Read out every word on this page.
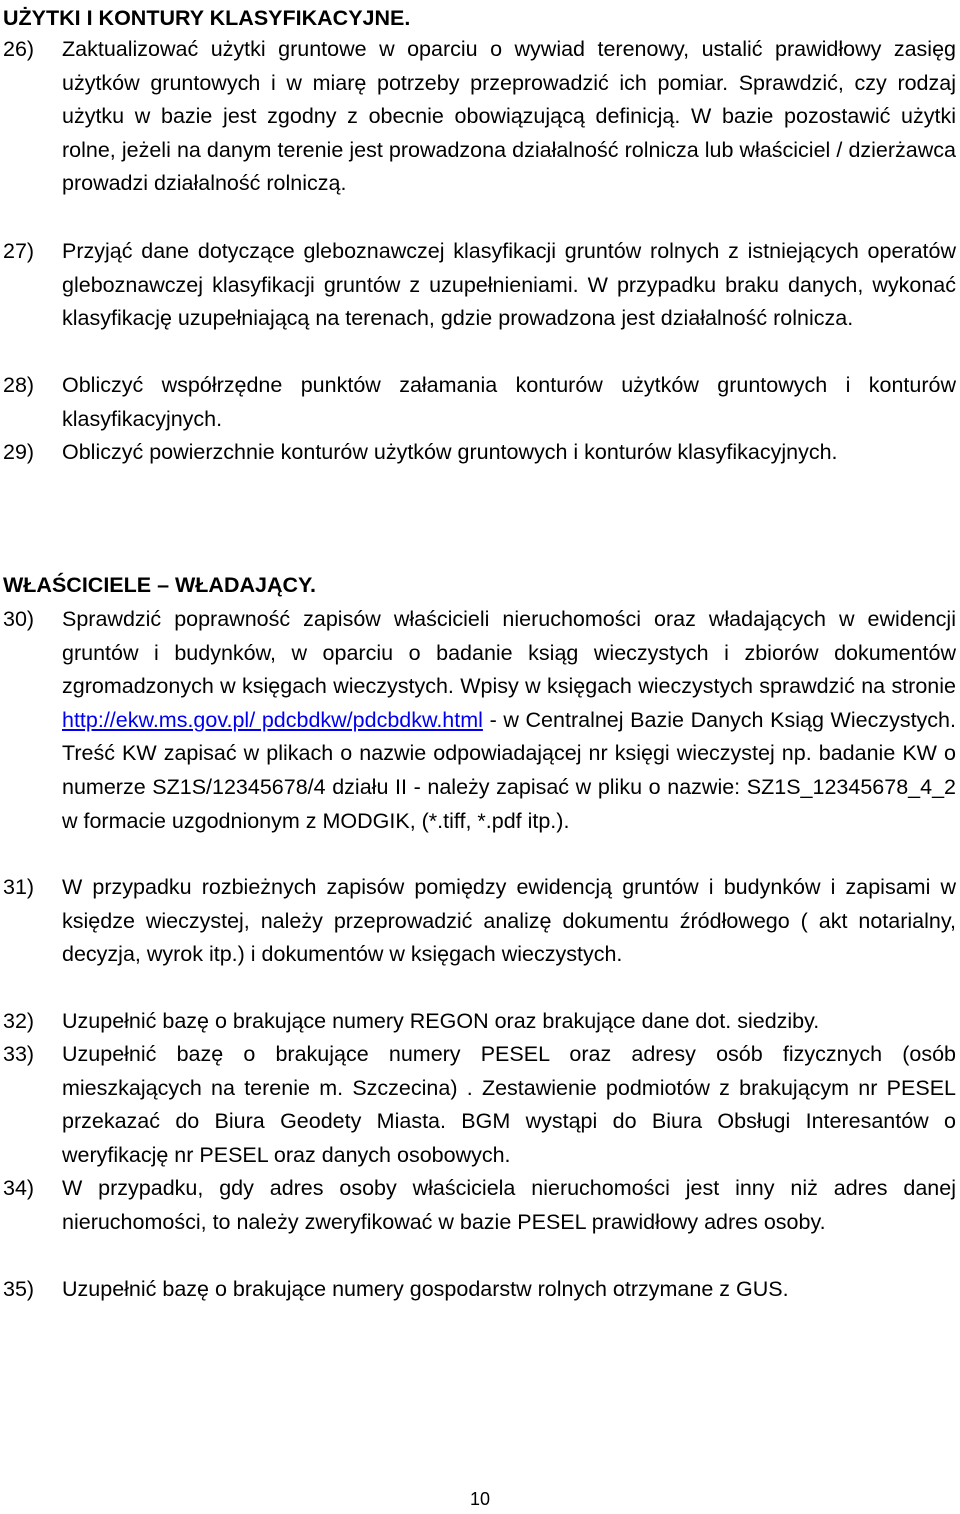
UŻYTKI I KONTURY KLASYFIKACYJNE.
26)	Zaktualizować użytki gruntowe w oparciu o wywiad terenowy, ustalić prawidłowy zasięg użytków gruntowych i w miarę potrzeby przeprowadzić ich pomiar. Sprawdzić, czy rodzaj użytku w bazie jest zgodny z obecnie obowiązującą definicją. W bazie pozostawić użytki rolne, jeżeli na danym terenie jest prowadzona działalność rolnicza lub właściciel / dzierżawca prowadzi działalność rolniczą.
27)	Przyjąć dane dotyczące gleboznawczej klasyfikacji gruntów rolnych z istniejących operatów gleboznawczej klasyfikacji gruntów z uzupełnieniami. W przypadku braku danych, wykonać klasyfikację uzupełniającą na terenach, gdzie prowadzona jest działalność rolnicza.
28)	Obliczyć współrzędne punktów załamania konturów użytków gruntowych i konturów klasyfikacyjnych.
29)	Obliczyć powierzchnie konturów użytków gruntowych i konturów klasyfikacyjnych.
WŁAŚCICIELE – WŁADAJĄCY.
30)	Sprawdzić poprawność zapisów właścicieli nieruchomości oraz władających w ewidencji gruntów i budynków, w oparciu o badanie ksiąg wieczystych i zbiorów dokumentów zgromadzonych w księgach wieczystych. Wpisy w księgach wieczystych sprawdzić na stronie http://ekw.ms.gov.pl/ pdcbdkw/pdcbdkw.html - w Centralnej Bazie Danych Ksiąg Wieczystych. Treść KW zapisać w plikach o nazwie odpowiadającej nr księgi wieczystej np. badanie KW o numerze SZ1S/12345678/4 działu II - należy zapisać w pliku o nazwie: SZ1S_12345678_4_2 w formacie uzgodnionym z MODGIK, (*.tiff, *.pdf itp.).
31)	W przypadku rozbieżnych zapisów pomiędzy ewidencją gruntów i budynków i zapisami w księdze wieczystej, należy przeprowadzić analizę dokumentu źródłowego ( akt notarialny, decyzja, wyrok itp.) i dokumentów w księgach wieczystych.
32)	Uzupełnić bazę o brakujące numery REGON oraz brakujące dane dot. siedziby.
33)	Uzupełnić bazę o brakujące numery PESEL oraz adresy osób fizycznych (osób mieszkających na terenie m. Szczecina) . Zestawienie podmiotów z brakującym nr PESEL przekazać do Biura Geodety Miasta. BGM wystąpi do Biura Obsługi Interesantów o weryfikację nr PESEL oraz danych osobowych.
34)	W przypadku, gdy adres osoby właściciela nieruchomości jest inny niż adres danej nieruchomości, to należy zweryfikować w bazie PESEL prawidłowy adres osoby.
35)	Uzupełnić bazę o brakujące numery gospodarstw rolnych otrzymane z GUS.
10
